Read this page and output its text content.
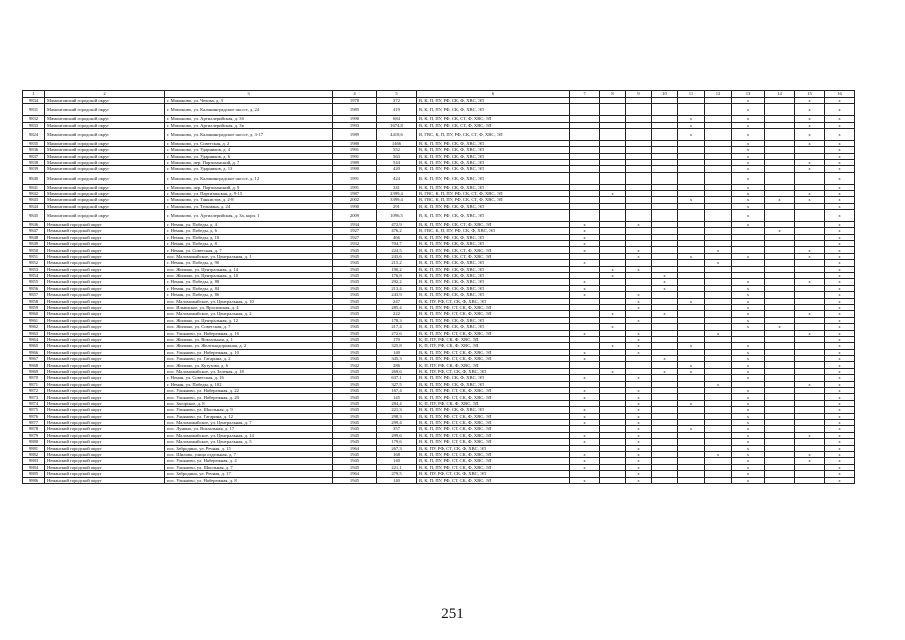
1	2	3	4	5	6	7	8	9	10	11	12	13	14	15	16
9834	Мамонтовский городской округ	г. Мамоново, ул. Чехова, д. 3	1978	372	В, К, П, ПУ, РФ, СК, Ф, ХВС, ЭЛ							x		x	x
9831	Мамонтовский городской округ	г. Мамоново, ул. Калининградское шоссе, д. 24	1985	419	В, К, П, ПУ, РФ, СК, Ф, ХВС, ЭЛ							x		x	x
9832	Мамонтовский городской округ	г. Мамоново, ул. Артиллерийская, д. 3б	1990	684	В, К, П, ПУ, РФ, СК, СТ, Ф, ХВС, ЭЛ					x		x		x	x
9833	Мамонтовский городской округ	г. Мамоново, ул. Артиллерийская, д. 3в	1993	1674,8	В, К, П, ПУ, РФ, СК, СТ, Ф, ХВС, ЭЛ					x		x		x	x
9824	Мамонтовский городской округ	г. Мамоново, ул. Калининградское шоссе, д. 3-17	1989	4418,6	В, ГВС, К, П, ПУ, РФ, СК, СТ, Ф, ХВС, ЭЛ					x		x		x	x
9835	Мамонтовский городской округ	г. Мамоново, ул. Советская, д. 2	1980	1466	В, К, П, ПУ, РФ, СК, Ф, ХВС, ЭЛ							x		x	x
9836	Мамонтовский городской округ	г. Мамоново, ул. Ударников, д. 4	1991	552	В, К, П, ПУ, РФ, СК, Ф, ХВС, ЭЛ							x			x
9837	Мамонтовский городской округ	г. Мамоново, ул. Ударников, д. 6	1991	563	В, К, П, ПУ, РФ, СК, Ф, ХВС, ЭЛ							x			x
9838	Мамонтовский городской округ	г. Мамоново, пер. Партизанский, д. 7	1989	544	В, К, П, ПУ, РФ, СК, Ф, ХВС, ЭЛ							x		x	x
9839	Мамонтовский городской округ	г. Мамоново, ул. Ударников, д. 13	1990	420	В, К, П, ПУ, РФ, СК, Ф, ХВС, ЭЛ							x		x	x
9840	Мамонтовский городской округ	г. Мамоново, ул. Калининградское шоссе, д. 12	1991	424	В, К, П, ПУ, РФ, СК, Ф, ХВС, ЭЛ							x			x
9841	Мамонтовский городской округ	г. Мамоново, пер. Партизанский, д. 9	1991	341	В, К, П, ПУ, РФ, СК, Ф, ХВС, ЭЛ							x			x
9842	Мамонтовский городской округ	г. Мамоново, ул. Партизанская, д. 9-15	1987	2399,4	В, ГВС, К, П, ПУ, РФ, СК, СТ, Ф, ХВС, ЭЛ		x					x		x	x
9843	Мамонтовский городской округ	г. Мамоново, ул. Танкистов, д. 2-8	2002	3399,4	В, ГВС, К, П, ПУ, РФ, СК, СТ, Ф, ХВС, ЭЛ					x		x	x	x	x
9844	Мамонтовский городской округ	г. Мамоново, ул. Тельмана, д. 24	1990	291	В, К, П, ПУ, РФ, СК, Ф, ХВС, ЭЛ							x			x
9845	Мамонтовский городской округ	г. Мамоново, ул. Артиллерийская, д. 3а, корп. 1	2009	1096,5	В, К, П, ПУ, РФ, СК, Ф, ХВС, ЭЛ							x			x
9846	Неманский городской округ	г. Неман, ул. Победы, д. 4	1934	472,9	В, К, П, ПУ, РФ, СК, СТ, Ф, ХВС, ЭЛ	x		x				x			x
9847	Неманский городской округ	г. Неман, ул. Победы, д. 6	1927	476,2	В, ГВС, К, П, ПУ, РФ, СК, Ф, ХВС, ЭЛ	x							x		x
9848	Неманский городской округ	г. Неман, ул. Победы, д. 10	1927	466	В, К, П, ПУ, РФ, СК, Ф, ХВС, ЭЛ	x									x
9849	Неманский городской округ	г. Неман, ул. Победы, д. 8	1932	704,7	В, К, П, ПУ, РФ, СК, Ф, ХВС, ЭЛ	x									x
9850	Неманский городской округ	г. Неман, ул. Советская, д. 7	1945	224,5	В, К, П, ПУ, РФ, СК, СТ, Ф, ХВС, ЭЛ	x		x			x			x	x
9851	Неманский городской округ	пос. Маломожайское, ул. Центральная, д. 1	1945	243,6	В, К, П, ПУ, РФ, СК, СТ, Ф, ХВС, ЭЛ			x		x		x		x	x
9852	Неманский городской округ	г. Неман, ул. Победы, д. 90	1945	215,2	В, К, П, ПУ, РФ, СК, Ф, ХВС, ЭЛ	x					x				x
9853	Неманский городской округ	пос. Жилино, ул. Центральная, д. 14	1945	190,2	В, К, П, ПУ, РФ, СК, Ф, ХВС, ЭЛ		x	x							x
9854	Неманский городской округ	пос. Жилино, ул. Центральная, д. 10	1945	176,8	В, К, П, ПУ, РФ, СК, Ф, ХВС, ЭЛ		x		x						x
9855	Неманский городской округ	г. Неман, ул. Победы, д. 88	1945	292,2	В, К, П, ПУ, РФ, СК, Ф, ХВС, ЭЛ	x			x			x		x	x
9856	Неманский городской округ	г. Неман, ул. Победы, д. 84	1945	213,4	В, К, П, ПУ, РФ, СК, Ф, ХВС, ЭЛ	x			x			x			x
9857	Неманский городской округ	г. Неман, ул. Победы, д. 86	1945	243,9	В, К, П, ПУ, РФ, СК, Ф, ХВС, ЭЛ	x		x				x			x
9858	Неманский городской округ	пос. Маломожайское, ул. Центральная, д. 10	1945	247	В, К, ПУ, РФ, СТ, СК, Ф, ХВС, ЭЛ			x		x		x			x
9859	Неманский городской округ	пос. Ильинское, ул. Вросинская, д. 4	1945	285,4	В, К, П, ПУ, РФ, СТ, СК, Ф, ХВС, ЭЛ			x				x			x
9860	Неманский городской округ	пос. Маломожайское, ул. Центральная, д. 2	1945	222	В, К, П, ПУ, РФ, СТ, СК, Ф, ХВС, ЭЛ		x		x			x		x	x
9861	Неманский городской округ	пос. Жилино, ул. Центральная, д. 12	1945	178,3	В, К, П, ПУ, РФ, СК, Ф, ХВС, ЭЛ			x				x			x
9862	Неманский городской округ	пос. Жилино, ул. Советская, д. 7	1945	217,4	В, К, П, ПУ, РФ, СК, Ф, ХВС, ЭЛ		x					x	x		x
9863	Неманский городской округ	пос. Ульяново, ул. Набережная, д. 16	1945	272,6	В, К, П, ПУ, РФ, СТ, СК, Ф, ХВС, ЭЛ	x		x			x			x	x
9864	Неманский городской округ	пос. Жилино, ул. Вокзальная, д. 1	1945	170	К, П, ПУ, РФ, СК, Ф, ХВС, ЭЛ			x							x
9865	Неманский городской округ	пос. Жилино, ул. Железнодорожная, д. 2	1945	325,8	К, П, ПУ, РФ, СК, Ф, ХВС, ЭЛ		x	x		x		x			x
9866	Неманский городской округ	пос. Ульяново, ул. Набережная, д. 10	1945	140	В, К, П, ПУ, РФ, СТ, СК, Ф, ХВС, ЭЛ	x		x				x			x
9867	Неманский городской округ	пос. Ульяново, ул. Гагарина, д. 2	1945	345,3	В, К, П, ПУ, РФ, СТ, СК, Ф, ХВС, ЭЛ	x			x			x			x
9868	Неманский городской округ	пос. Жилино, ул. Кутузова, д. 6	1942	286	К, П, ПУ, РФ, СК, Ф, ХВС, ЭЛ					x		x			x
9869	Неманский городской округ	пос. Маломожайское, ул. Зеленая, д. 18	1945	269,6	В, К, ПУ, РФ, СТ, СК, Ф, ХВС, ЭЛ		x		x	x		x			x
9870	Неманский городской округ	г. Неман, ул. Советская, д. 16	1945	637,1	В, К, П, ПУ, РФ, СК, Ф, ХВС, ЭЛ	x		x				x			x
9871	Неманский городской округ	г. Неман, ул. Победы, д. 102	1945	327,5	В, К, П, ПУ, РФ, СК, Ф, ХВС, ЭЛ						x			x	x
9872	Неманский городской округ	пос. Ульяново, ул. Набережная, д. 22	1945	167,4	В, К, П, ПУ, РФ, СТ, СК, Ф, ХВС, ЭЛ	x		x				x			x
9873	Неманский городской округ	пос. Ульяново, ул. Набережная, д. 20	1945	145	В, К, П, ПУ, РФ, СТ, СК, Ф, ХВС, ЭЛ	x		x				x			x
9874	Неманский городской округ	пос. Загорское, д. 8	1945	284,4	К, П, ПУ, РФ, СК, Ф, ХВС, ЭЛ			x		x		x			x
9875	Неманский городской округ	пос. Ульяново, ул. Школьная, д. 9	1945	221,3	В, К, П, ПУ, РФ, СК, Ф, ХВС, ЭЛ	x		x				x			x
9876	Неманский городской округ	пос. Ульяново, ул. Гагарина, д. 12	1945	298,3	В, К, П, ПУ, РФ, СТ, СК, Ф, ХВС, ЭЛ	x		x				x			x
9877	Неманский городской округ	пос. Маломожайское, ул. Центральная, д. 7	1945	299,4	В, К, П, ПУ, РФ, СТ, СК, Ф, ХВС, ЭЛ	x		x				x			x
9878	Неманский городской округ	пос. Лунино, ул. Вокзальная, д. 17	1945	357	В, К, П, ПУ, РФ, СТ, СК, Ф, ХВС, ЭЛ			x		x		x			x
9879	Неманский городской округ	пос. Маломожайское, ул. Центральная, д. 14	1945	299,6	В, К, П, ПУ, РФ, СТ, СК, Ф, ХВС, ЭЛ	x		x				x		x	x
9880	Неманский городской округ	пос. Маломожайское, ул. Центральная, д. 5	1945	179,6	В, К, П, ПУ, РФ, СТ, СК, Ф, ХВС, ЭЛ	x		x				x			x
9881	Неманский городской округ	пос. Забродино, ул. Речная, д. 15	1964	267,3	В, К, ПУ, РФ, СТ, СК, Ф, ХВС, ЭЛ			x				x			x
9882	Неманский городской округ	пос. Шилово, улица отдельная, д. 7	1945	168	В, К, П, ПУ, РФ, СТ, СК, Ф, ХВС, ЭЛ	x		x			x	x		x	x
9883	Неманский городской округ	пос. Ульяново, ул. Набережная, д. 4	1945	140	В, К, П, ПУ, РФ, СТ, СК, Ф, ХВС, ЭЛ	x		x				x		x	x
9884	Неманский городской округ	пос. Ульяново, ул. Школьная, д. 7	1945	221,1	В, К, П, ПУ, РФ, СТ, СК, Ф, ХВС, ЭЛ	x		x				x			x
9885	Неманский городской округ	пос. Забродино, ул. Речная, д. 17	1964	279,5	В, К, ПУ, РФ, СТ, СК, Ф, ХВС, ЭЛ			x				x			x
9886	Неманский городской округ	пос. Ульяново, ул. Набережная, д. 8	1945	140	В, К, П, ПУ, РФ, СТ, СК, Ф, ХВС, ЭЛ	x		x				x			x
251
